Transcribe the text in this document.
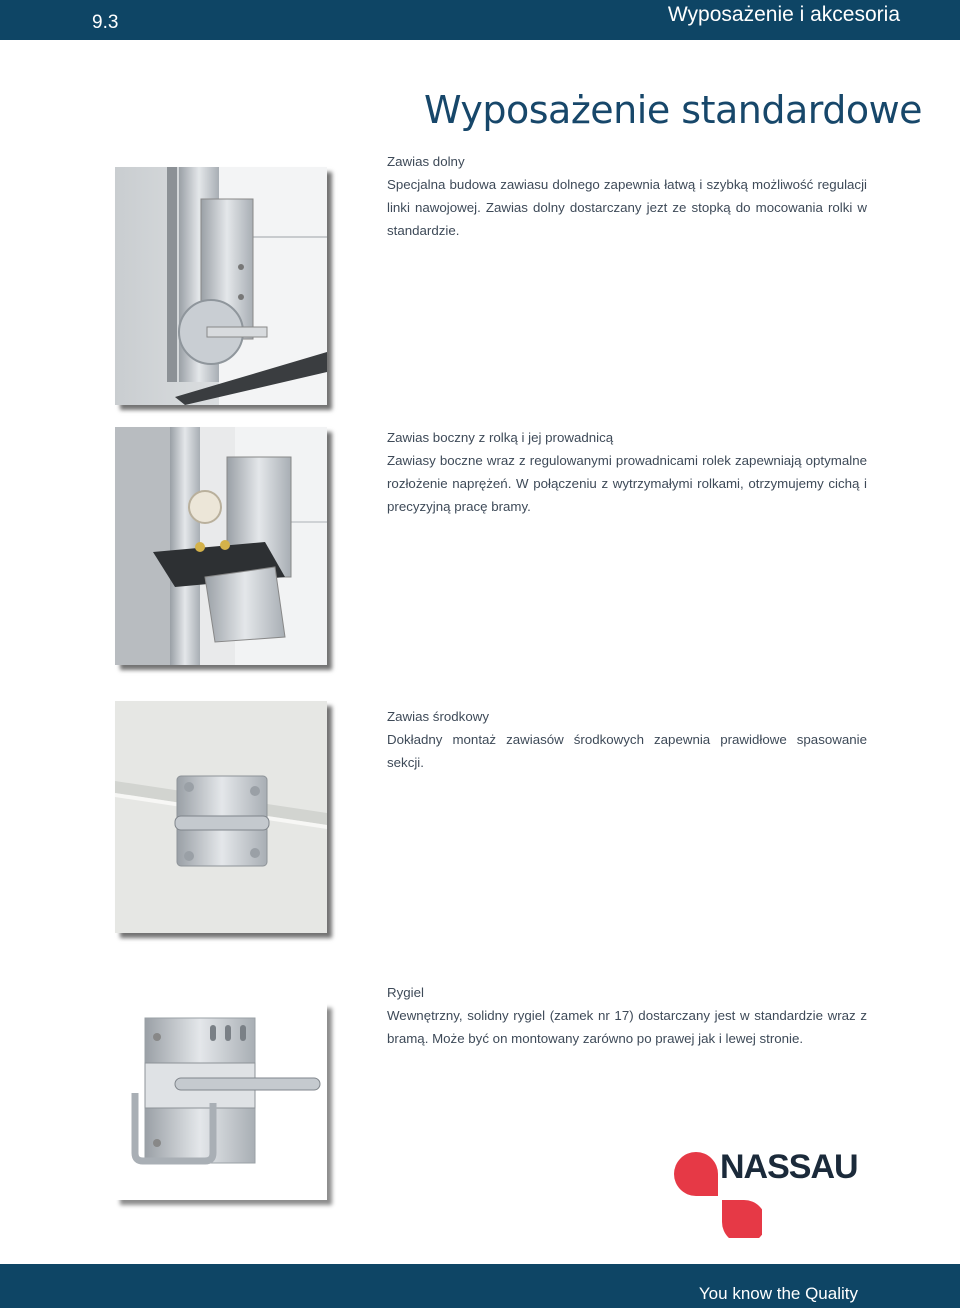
9.3	Wyposażenie i akcesoria
Wyposażenie standardowe

Zawias dolny

Specjalna budowa zawiasu dolnego zapewnia łatwą i szybką możliwość regulacji linki nawojowej. Zawias dolny dostarczany jezt ze stopką do mocowania rolki w standardzie.

Zawias boczny z rolką i jej prowadnicą

Zawiasy boczne wraz z regulowanymi prowadnicami rolek zapewniają optymalne rozłożenie naprężeń. W połączeniu z wytrzymałymi rolkami, otrzymujemy cichą i precyzyjną pracę bramy.

Zawias środkowy

Dokładny montaż zawiasów środkowych zapewnia prawidłowe spasowanie sekcji.

Rygiel

Wewnętrzny, solidny rygiel (zamek nr 17) dostarczany jest w standardzie wraz z bramą. Może być on montowany zarówno po prawej jak i lewej stronie.

NASSAU
You know the Quality
